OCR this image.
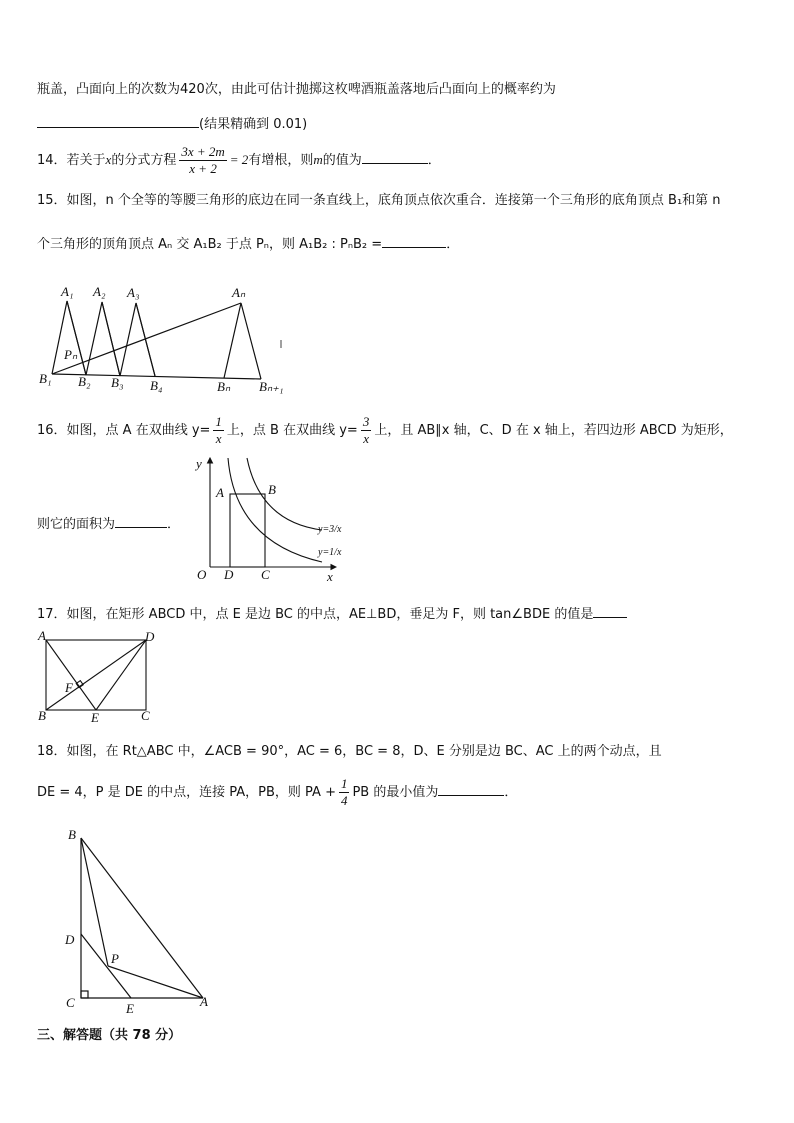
瓶盖，凸面向上的次数为420次，由此可估计抛掷这枚啤酒瓶盖落地后凸面向上的概率约为
(结果精确到 0.01)
14．若关于x的分式方程 $\frac{3x + 2m}{x + 2} = 2$有增根，则m的值为	．
15．如图，n 个全等的等腰三角形的底边在同一条直线上，底角顶点依次重合．连接第一个三角形的底角顶点 B₁和第 n
个三角形的顶角顶点 Aₙ 交 A₁B₂ 于点 Pₙ，则 A₁B₂ : PₙB₂ =	．
A₁ A₂ A₃	Aₙ
Pₙ
B₁ B₂ B₃ B₄	Bₙ Bₙ₊₁
16．如图，点 A 在双曲线 $y= \frac{1}{x}$ 上，点 B 在双曲线 $y= \frac{3}{x}$ 上，且 AB∥x 轴，C、D 在 x 轴上，若四边形 ABCD 为矩形，
则它的面积为	．
y
x
O
A	B
D C
y=3/x
y=1/x
17．如图，在矩形 ABCD 中，点 E 是边 BC 的中点，AE⊥BD，垂足为 F，则 tan∠BDE 的值是
A	D
B	E	C
F
18．如图，在 Rt△ABC 中，∠ACB = 90°，AC = 6，BC = 8，D、E 分别是边 BC、AC 上的两个动点，且
DE = 4，P 是 DE 的中点，连接 PA，PB，则 PA + $\frac{1}{4}$ PB 的最小值为	．
B
D
P
C	E	A
三、解答题（共 78 分）
